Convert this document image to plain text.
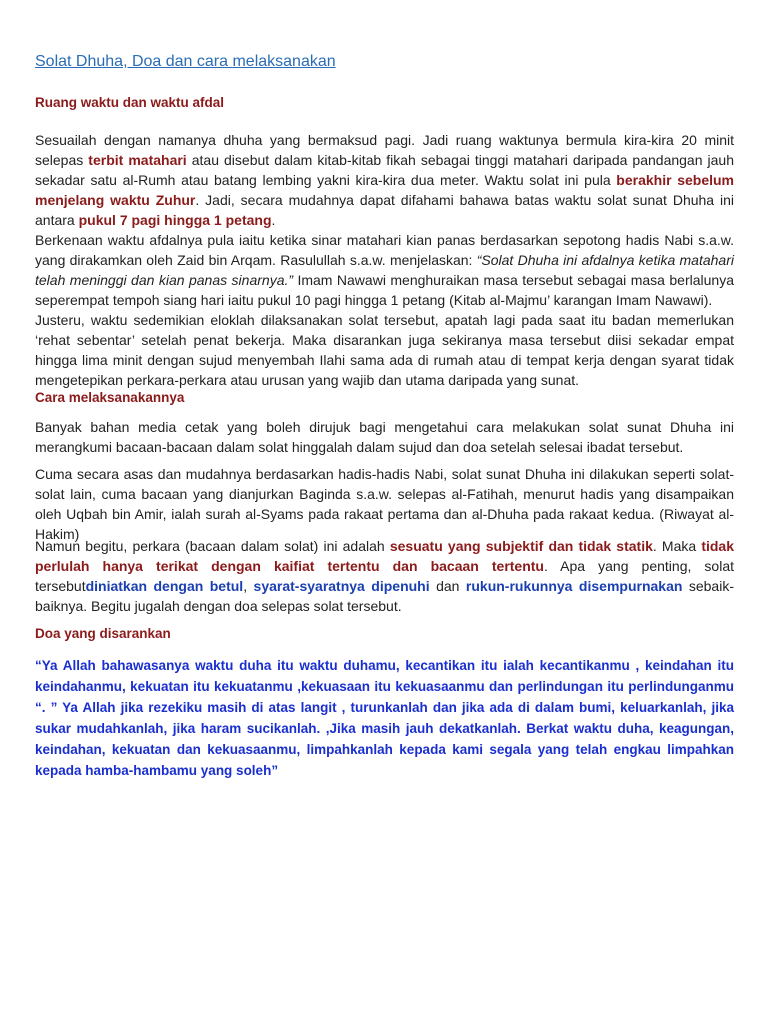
Solat Dhuha, Doa dan cara melaksanakan
Ruang waktu dan waktu afdal

Sesuailah dengan namanya dhuha yang bermaksud pagi. Jadi ruang waktunya bermula kira-kira 20 minit selepas terbit matahari atau disebut dalam kitab-kitab fikah sebagai tinggi matahari daripada pandangan jauh sekadar satu al-Rumh atau batang lembing yakni kira-kira dua meter. Waktu solat ini pula berakhir sebelum menjelang waktu Zuhur. Jadi, secara mudahnya dapat difahami bahawa batas waktu solat sunat Dhuha ini antara pukul 7 pagi hingga 1 petang.
Berkenaan waktu afdalnya pula iaitu ketika sinar matahari kian panas berdasarkan sepotong hadis Nabi s.a.w. yang dirakamkan oleh Zaid bin Arqam. Rasulullah s.a.w. menjelaskan: “Solat Dhuha ini afdalnya ketika matahari telah meninggi dan kian panas sinarnya.” Imam Nawawi menghuraikan masa tersebut sebagai masa berlalunya seperempat tempoh siang hari iaitu pukul 10 pagi hingga 1 petang (Kitab al-Majmu’ karangan Imam Nawawi).
Justeru, waktu sedemikian eloklah dilaksanakan solat tersebut, apatah lagi pada saat itu badan memerlukan ‘rehat sebentar’ setelah penat bekerja. Maka disarankan juga sekiranya masa tersebut diisi sekadar empat hingga lima minit dengan sujud menyembah Ilahi sama ada di rumah atau di tempat kerja dengan syarat tidak mengetepikan perkara-perkara atau urusan yang wajib dan utama daripada yang sunat.

Cara melaksanakannya

Banyak bahan media cetak yang boleh dirujuk bagi mengetahui cara melakukan solat sunat Dhuha ini merangkumi bacaan-bacaan dalam solat hinggalah dalam sujud dan doa setelah selesai ibadat tersebut.

Cuma secara asas dan mudahnya berdasarkan hadis-hadis Nabi, solat sunat Dhuha ini dilakukan seperti solat-solat lain, cuma bacaan yang dianjurkan Baginda s.a.w. selepas al-Fatihah, menurut hadis yang disampaikan oleh Uqbah bin Amir, ialah surah al-Syams pada rakaat pertama dan al-Dhuha pada rakaat kedua. (Riwayat al-Hakim)

Namun begitu, perkara (bacaan dalam solat) ini adalah sesuatu yang subjektif dan tidak statik. Maka tidak perlulah hanya terikat dengan kaifiat tertentu dan bacaan tertentu. Apa yang penting, solat tersebutdiniatkan dengan betul, syarat-syaratnya dipenuhi dan rukun-rukunnya disempurnakan sebaik-baiknya. Begitu jugalah dengan doa selepas solat tersebut.

Doa yang disarankan

“Ya Allah bahawasanya waktu duha itu waktu duhamu, kecantikan itu ialah kecantikanmu , keindahan itu keindahanmu, kekuatan itu kekuatanmu ,kekuasaan itu kekuasaanmu dan perlindungan itu perlindunganmu “. ” Ya Allah jika rezekiku masih di atas langit , turunkanlah dan jika ada di dalam bumi, keluarkanlah, jika sukar mudahkanlah, jika haram sucikanlah. ,Jika masih jauh dekatkanlah. Berkat waktu duha, keagungan, keindahan, kekuatan dan kekuasaanmu, limpahkanlah kepada kami segala yang telah engkau limpahkan kepada hamba-hambamu yang soleh”
